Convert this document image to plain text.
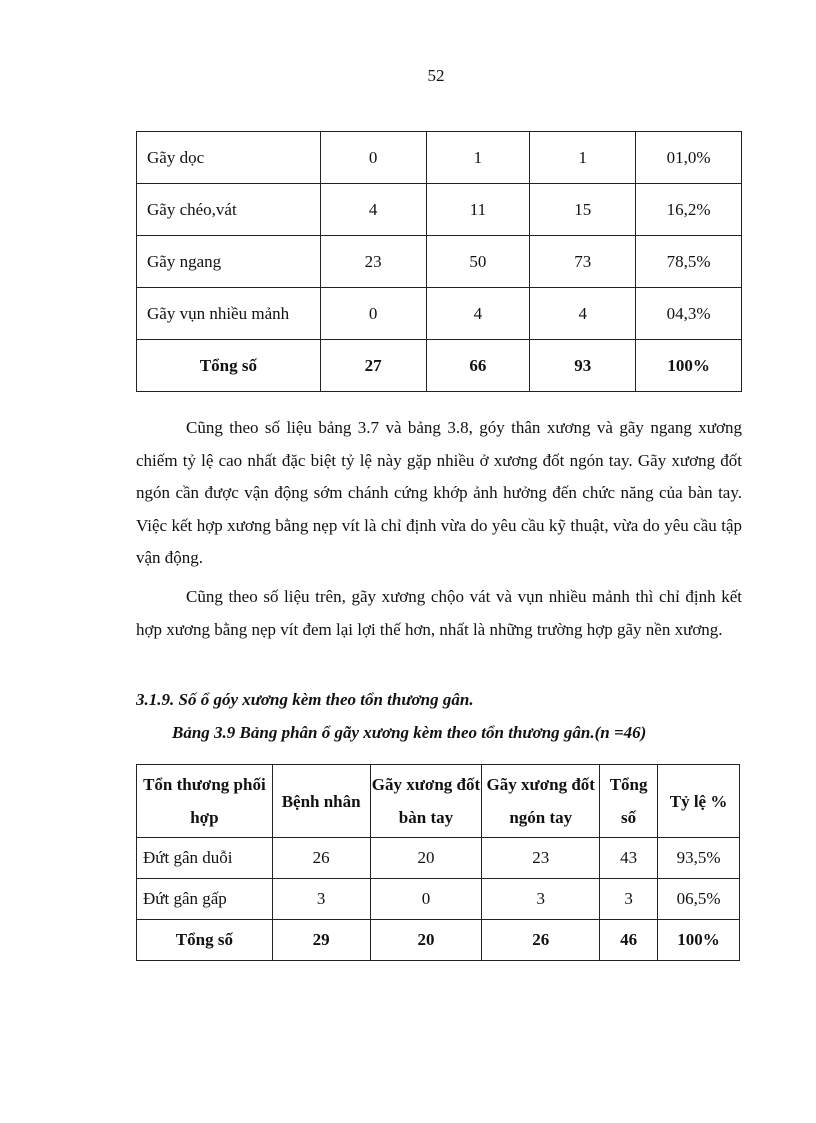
52
Gãy dọc	0	1	1	01,0%
Gãy chéo,vát	4	11	15	16,2%
Gãy ngang	23	50	73	78,5%
Gãy vụn nhiều mảnh	0	4	4	04,3%
Tổng số	27	66	93	100%

Cũng theo số liệu bảng 3.7 và bảng 3.8, góy thân xương và gãy ngang xương chiếm tỷ lệ cao nhất đặc biệt tỷ lệ này gặp nhiều ở xương đốt ngón tay. Gãy xương đốt ngón cần được vận động sớm chánh cứng khớp ảnh hưởng đến chức năng của bàn tay. Việc kết hợp xương bằng nẹp vít là chỉ định vừa do yêu cầu kỹ thuật, vừa do yêu cầu tập vận động.

Cũng theo số liệu trên, gãy xương chộo vát và vụn nhiều mảnh thì chỉ định kết hợp xương bằng nẹp vít đem lại lợi thế hơn, nhất là những trường hợp gãy nền xương.

3.1.9. Số ổ góy xương kèm theo tổn thương gân.

Bảng 3.9 Bảng phân ổ gãy xương kèm theo tổn thương gân.(n =46)

Tổn thương phối hợp	Bệnh nhân	Gãy xương đốt bàn tay	Gãy xương đốt ngón tay	Tổng số	Tỷ lệ %
Đứt gân duỗi	26	20	23	43	93,5%
Đứt gân gấp	3	0	3	3	06,5%
Tổng số	29	20	26	46	100%
